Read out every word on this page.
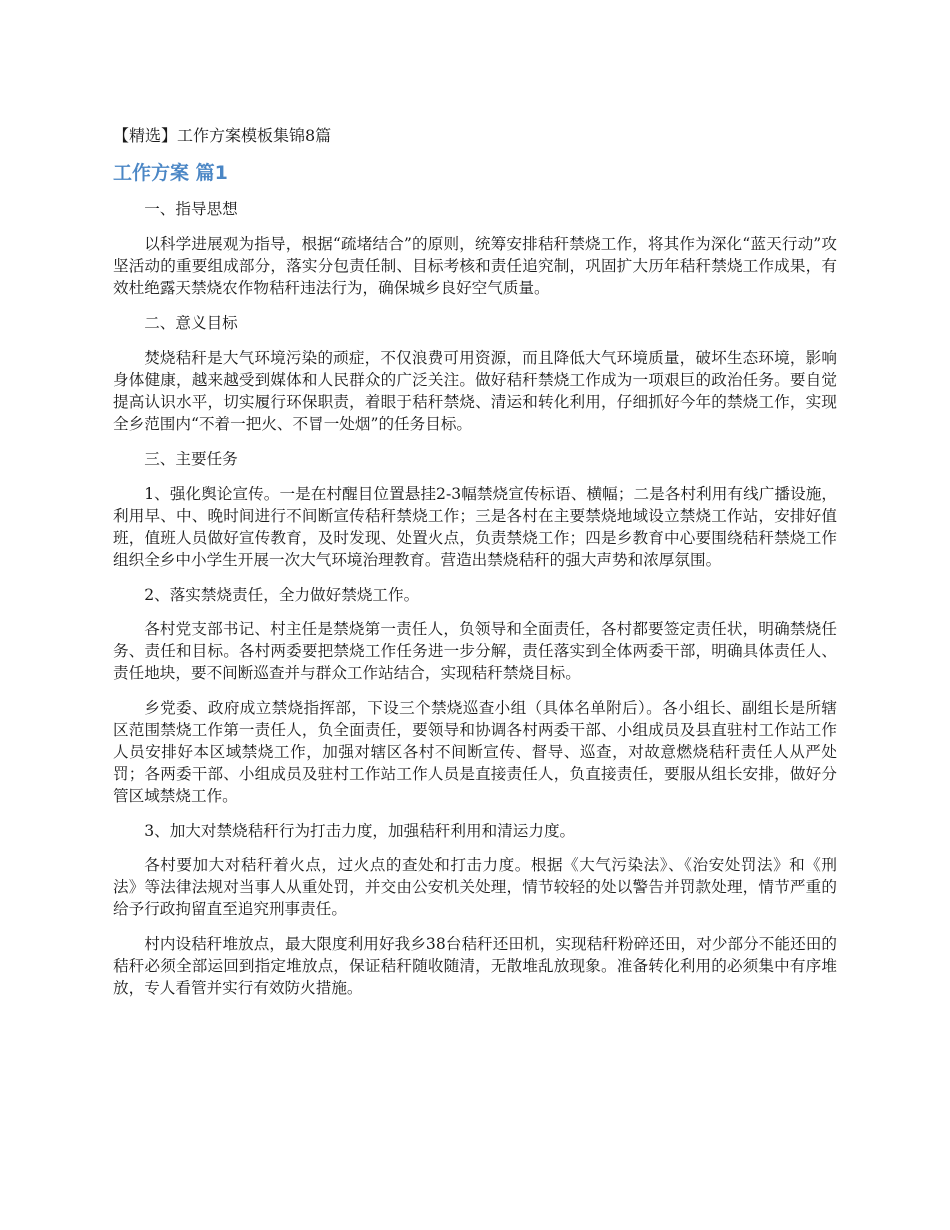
【精选】工作方案模板集锦8篇
工作方案 篇1

一、指导思想

以科学进展观为指导，根据“疏堵结合”的原则，统筹安排秸秆禁烧工作，将其作为深化“蓝天行动”攻坚活动的重要组成部分，落实分包责任制、目标考核和责任追究制，巩固扩大历年秸秆禁烧工作成果，有效杜绝露天禁烧农作物秸秆违法行为，确保城乡良好空气质量。

二、意义目标

焚烧秸秆是大气环境污染的顽症，不仅浪费可用资源，而且降低大气环境质量，破坏生态环境，影响身体健康，越来越受到媒体和人民群众的广泛关注。做好秸秆禁烧工作成为一项艰巨的政治任务。要自觉提高认识水平，切实履行环保职责，着眼于秸秆禁烧、清运和转化利用，仔细抓好今年的禁烧工作，实现全乡范围内“不着一把火、不冒一处烟”的任务目标。

三、主要任务

1、强化舆论宣传。一是在村醒目位置悬挂2-3幅禁烧宣传标语、横幅；二是各村利用有线广播设施，利用早、中、晚时间进行不间断宣传秸秆禁烧工作；三是各村在主要禁烧地域设立禁烧工作站，安排好值班，值班人员做好宣传教育，及时发现、处置火点，负责禁烧工作；四是乡教育中心要围绕秸秆禁烧工作组织全乡中小学生开展一次大气环境治理教育。营造出禁烧秸秆的强大声势和浓厚氛围。

2、落实禁烧责任，全力做好禁烧工作。

各村党支部书记、村主任是禁烧第一责任人，负领导和全面责任，各村都要签定责任状，明确禁烧任务、责任和目标。各村两委要把禁烧工作任务进一步分解，责任落实到全体两委干部，明确具体责任人、责任地块，要不间断巡查并与群众工作站结合，实现秸秆禁烧目标。

乡党委、政府成立禁烧指挥部，下设三个禁烧巡查小组（具体名单附后）。各小组长、副组长是所辖区范围禁烧工作第一责任人，负全面责任，要领导和协调各村两委干部、小组成员及县直驻村工作站工作人员安排好本区域禁烧工作，加强对辖区各村不间断宣传、督导、巡查，对故意燃烧秸秆责任人从严处罚；各两委干部、小组成员及驻村工作站工作人员是直接责任人，负直接责任，要服从组长安排，做好分管区域禁烧工作。

3、加大对禁烧秸秆行为打击力度，加强秸秆利用和清运力度。

各村要加大对秸秆着火点，过火点的查处和打击力度。根据《大气污染法》、《治安处罚法》和《刑法》等法律法规对当事人从重处罚，并交由公安机关处理，情节较轻的处以警告并罚款处理，情节严重的给予行政拘留直至追究刑事责任。

村内设秸秆堆放点，最大限度利用好我乡38台秸秆还田机，实现秸秆粉碎还田，对少部分不能还田的秸秆必须全部运回到指定堆放点，保证秸秆随收随清，无散堆乱放现象。准备转化利用的必须集中有序堆放，专人看管并实行有效防火措施。
